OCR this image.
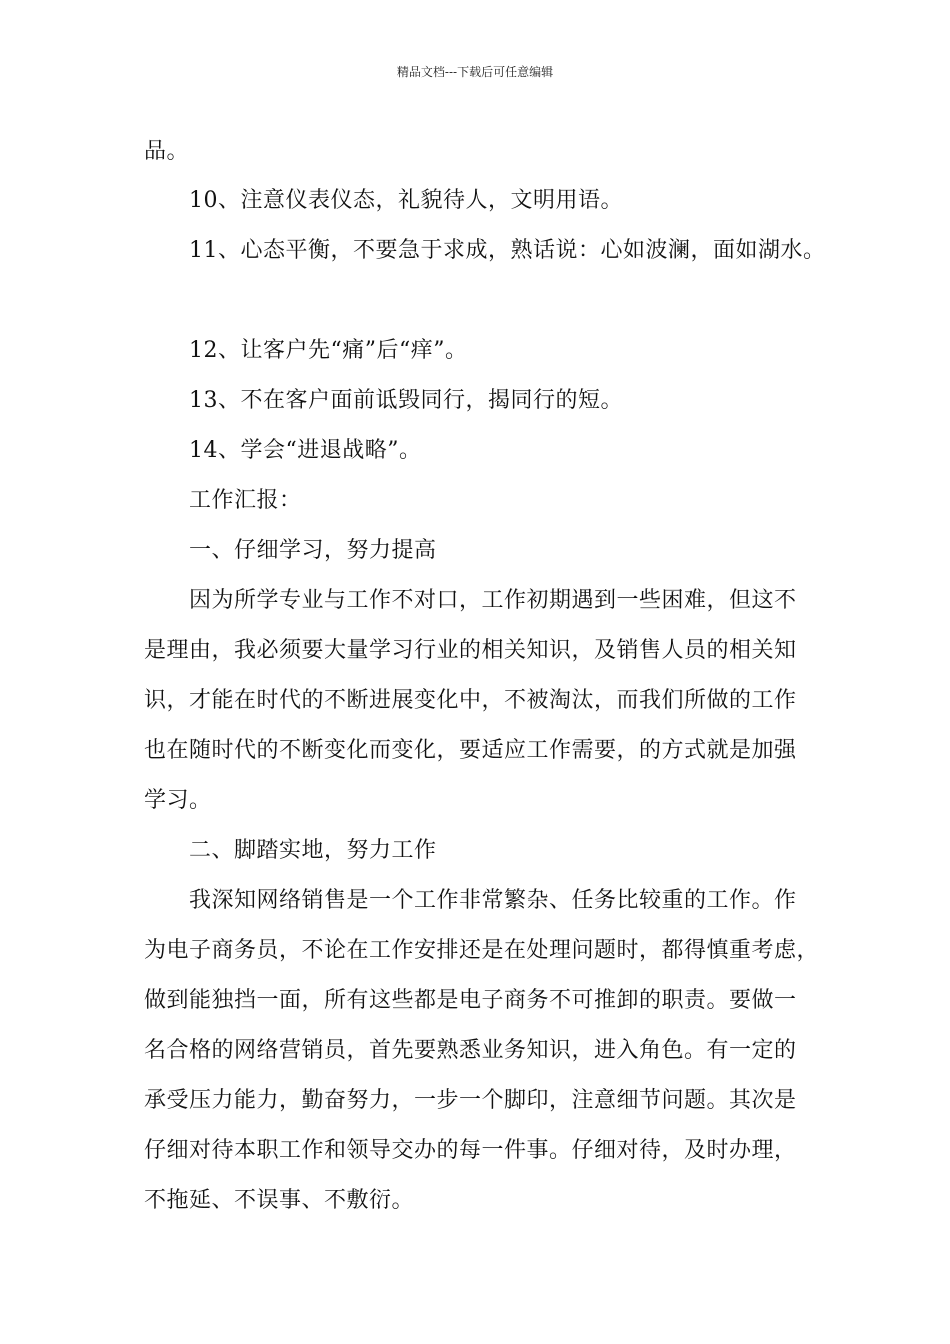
精品文档---下载后可任意编辑
品。
10、注意仪表仪态，礼貌待人，文明用语。
11、心态平衡，不要急于求成，熟话说：心如波澜，面如湖水。
12、让客户先“痛”后“痒”。
13、不在客户面前诋毁同行，揭同行的短。
14、学会“进退战略”。
工作汇报：
一、仔细学习，努力提高
因为所学专业与工作不对口，工作初期遇到一些困难，但这不
是理由，我必须要大量学习行业的相关知识，及销售人员的相关知
识，才能在时代的不断进展变化中，不被淘汰，而我们所做的工作
也在随时代的不断变化而变化，要适应工作需要，的方式就是加强
学习。
二、脚踏实地，努力工作
我深知网络销售是一个工作非常繁杂、任务比较重的工作。作
为电子商务员，不论在工作安排还是在处理问题时，都得慎重考虑，
做到能独挡一面，所有这些都是电子商务不可推卸的职责。要做一
名合格的网络营销员，首先要熟悉业务知识，进入角色。有一定的
承受压力能力，勤奋努力，一步一个脚印，注意细节问题。其次是
仔细对待本职工作和领导交办的每一件事。仔细对待，及时办理，
不拖延、不误事、不敷衍。
